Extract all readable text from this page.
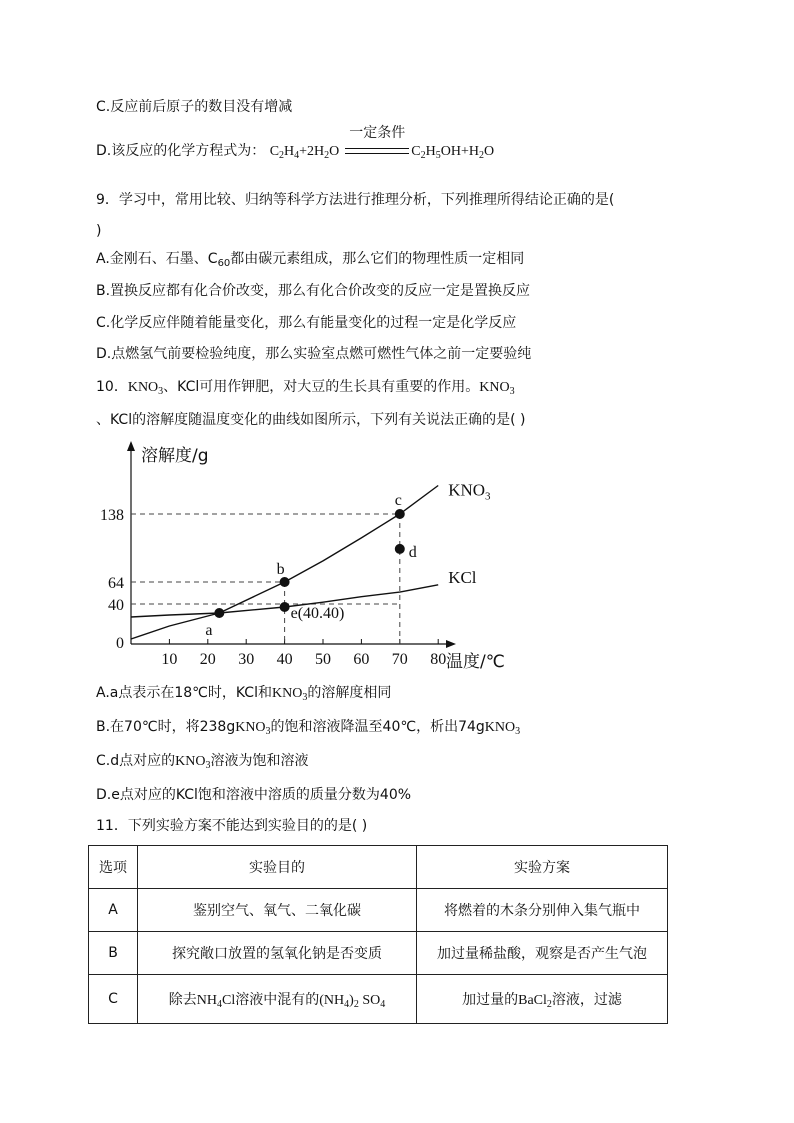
C.反应前后原子的数目没有增减
D.该反应的化学方程式为： $C_2H_4+2H_2O$
一定条件
$C_2H_5OH+H_2O$
9．学习中，常用比较、归纳等科学方法进行推理分析，下列推理所得结论正确的是(
)
A.金刚石、石墨、$C_{60}$都由碳元素组成，那么它们的物理性质一定相同
B.置换反应都有化合价改变，那么有化合价改变的反应一定是置换反应
C.化学反应伴随着能量变化，那么有能量变化的过程一定是化学反应
D.点燃氢气前要检验纯度，那么实验室点燃可燃性气体之前一定要验纯
10．$KNO_3$、KCl可用作钾肥，对大豆的生长具有重要的作用。$KNO_3$
、KCl的溶解度随温度变化的曲线如图所示，下列有关说法正确的是( )
溶解度/g
温度/℃
10 20 30 40 50 60 70 80
138
64
40
0
$KNO_3$
KCl
a
b
c
d
e(40.40)
A.a点表示在18℃时，KCl和$KNO_3$的溶解度相同
B.在70℃时，将238gKNO$_3$的饱和溶液降温至40℃，析出74gKNO$_3$
C.d点对应的$KNO_3$溶液为饱和溶液
D.e点对应的KCl饱和溶液中溶质的质量分数为40%
11．下列实验方案不能达到实验目的的是( )
选项	实验目的	实验方案
A	鉴别空气、氧气、二氧化碳	将燃着的木条分别伸入集气瓶中
B	探究敞口放置的氢氧化钠是否变质	加过量稀盐酸，观察是否产生气泡
C	除去$NH_4Cl$溶液中混有的$(NH_4)_2$ $SO_4$	加过量的BaCl$_2$溶液，过滤
